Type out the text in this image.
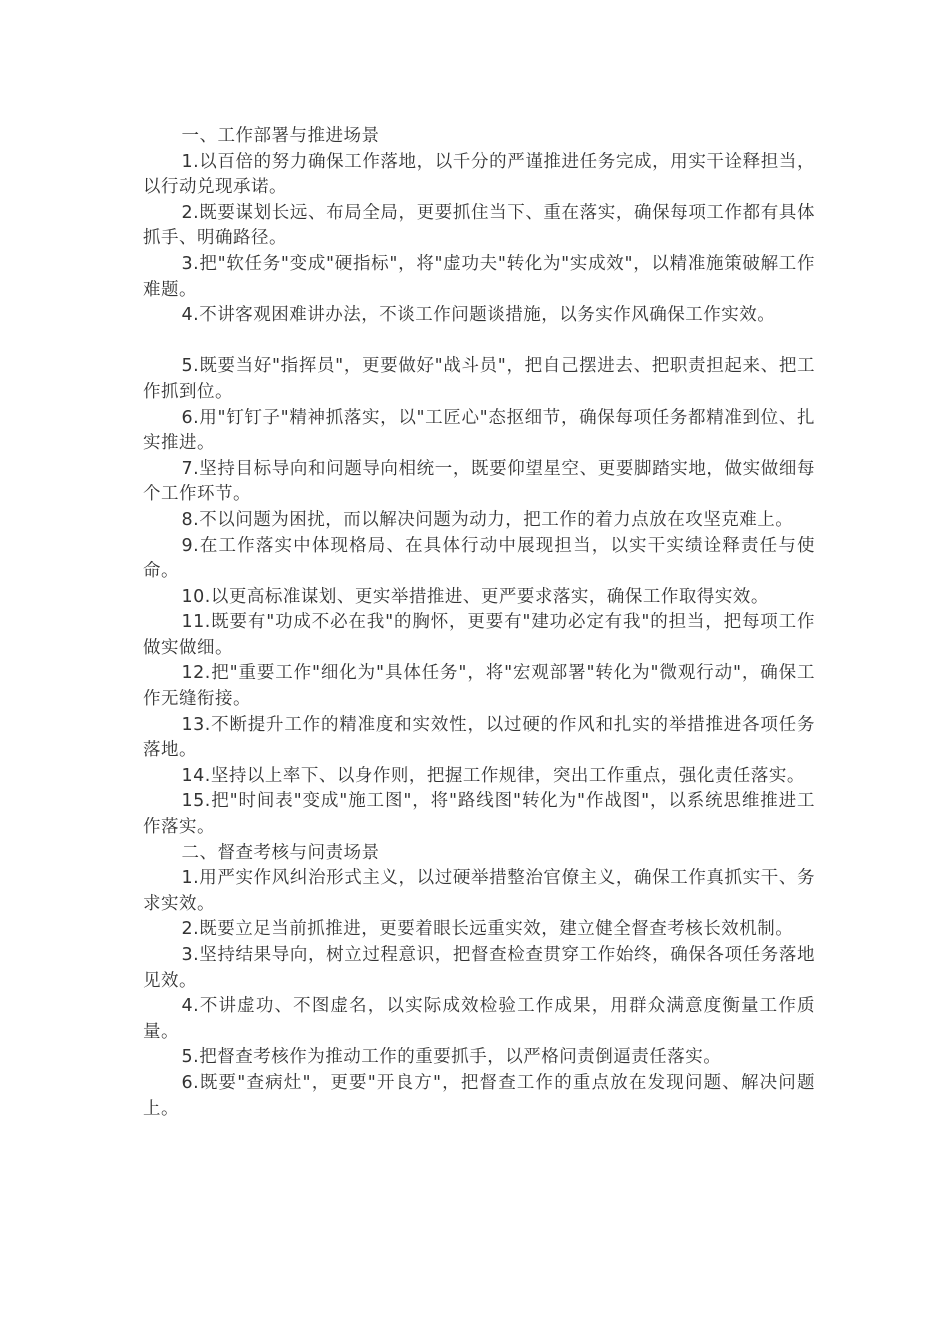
一、工作部署与推进场景

1.以百倍的努力确保工作落地，以千分的严谨推进任务完成，用实干诠释担当，以行动兑现承诺。

2.既要谋划长远、布局全局，更要抓住当下、重在落实，确保每项工作都有具体抓手、明确路径。

3.把"软任务"变成"硬指标"，将"虚功夫"转化为"实成效"，以精准施策破解工作难题。

4.不讲客观困难讲办法，不谈工作问题谈措施，以务实作风确保工作实效。

5.既要当好"指挥员"，更要做好"战斗员"，把自己摆进去、把职责担起来、把工作抓到位。

6.用"钉钉子"精神抓落实，以"工匠心"态抠细节，确保每项任务都精准到位、扎实推进。

7.坚持目标导向和问题导向相统一，既要仰望星空、更要脚踏实地，做实做细每个工作环节。

8.不以问题为困扰，而以解决问题为动力，把工作的着力点放在攻坚克难上。

9.在工作落实中体现格局、在具体行动中展现担当，以实干实绩诠释责任与使命。

10.以更高标准谋划、更实举措推进、更严要求落实，确保工作取得实效。

11.既要有"功成不必在我"的胸怀，更要有"建功必定有我"的担当，把每项工作做实做细。

12.把"重要工作"细化为"具体任务"，将"宏观部署"转化为"微观行动"，确保工作无缝衔接。

13.不断提升工作的精准度和实效性，以过硬的作风和扎实的举措推进各项任务落地。

14.坚持以上率下、以身作则，把握工作规律，突出工作重点，强化责任落实。

15.把"时间表"变成"施工图"，将"路线图"转化为"作战图"，以系统思维推进工作落实。

二、督查考核与问责场景

1.用严实作风纠治形式主义，以过硬举措整治官僚主义，确保工作真抓实干、务求实效。

2.既要立足当前抓推进，更要着眼长远重实效，建立健全督查考核长效机制。

3.坚持结果导向，树立过程意识，把督查检查贯穿工作始终，确保各项任务落地见效。

4.不讲虚功、不图虚名，以实际成效检验工作成果，用群众满意度衡量工作质量。

5.把督查考核作为推动工作的重要抓手，以严格问责倒逼责任落实。

6.既要"查病灶"，更要"开良方"，把督查工作的重点放在发现问题、解决问题上。
